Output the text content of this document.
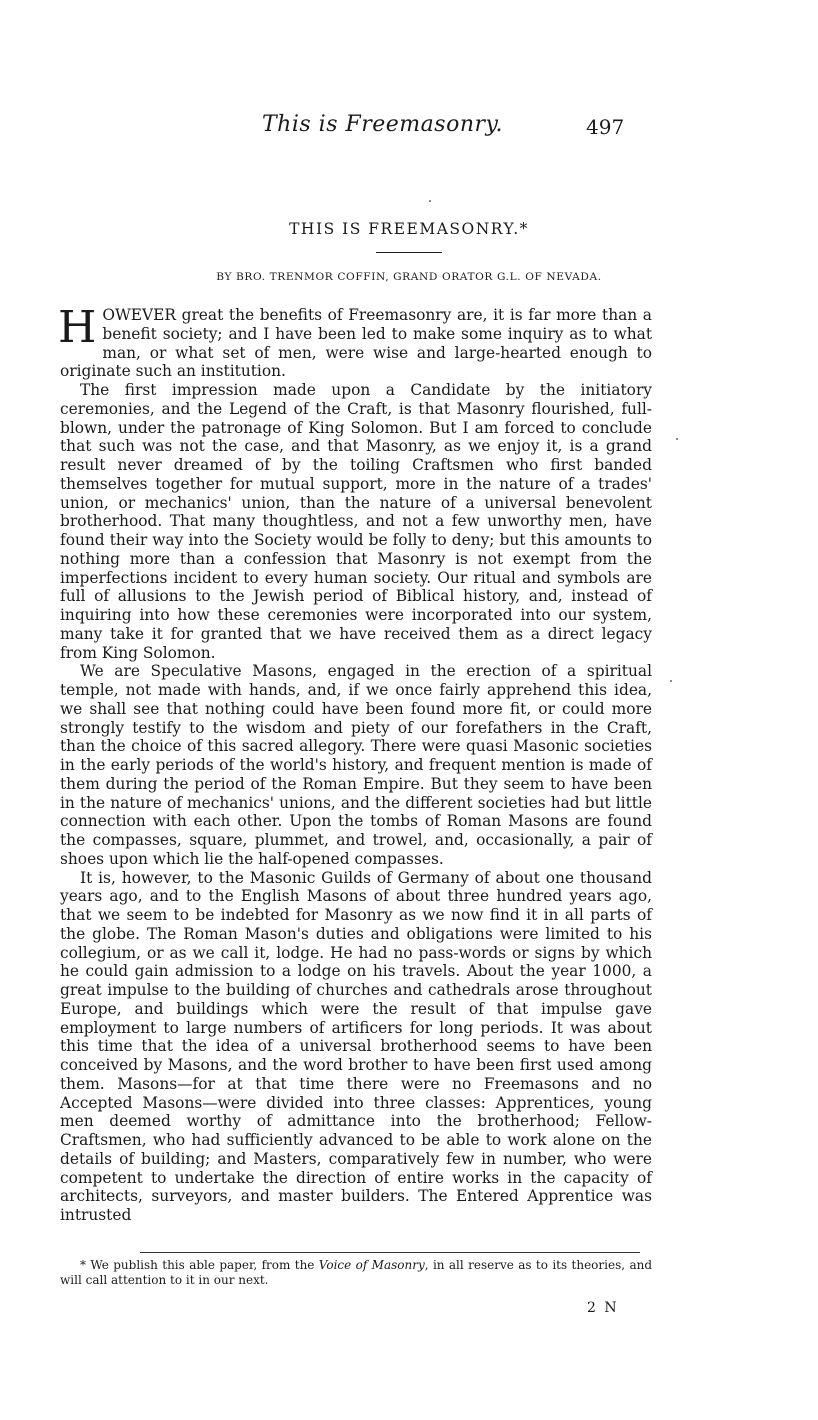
This is Freemasonry.	497
THIS IS FREEMASONRY.*
BY BRO. TRENMOR COFFIN, GRAND ORATOR G.L. OF NEVADA.

HOWEVER great the benefits of Freemasonry are, it is far more than a benefit society; and I have been led to make some inquiry as to what man, or what set of men, were wise and large-hearted enough to originate such an institution.

The first impression made upon a Candidate by the initiatory ceremonies, and the Legend of the Craft, is that Masonry flourished, full-blown, under the patronage of King Solomon. But I am forced to conclude that such was not the case, and that Masonry, as we enjoy it, is a grand result never dreamed of by the toiling Craftsmen who first banded themselves together for mutual support, more in the nature of a trades' union, or mechanics' union, than the nature of a universal benevolent brotherhood. That many thoughtless, and not a few unworthy men, have found their way into the Society would be folly to deny; but this amounts to nothing more than a confession that Masonry is not exempt from the imperfections incident to every human society. Our ritual and symbols are full of allusions to the Jewish period of Biblical history, and, instead of inquiring into how these ceremonies were incorporated into our system, many take it for granted that we have received them as a direct legacy from King Solomon.

We are Speculative Masons, engaged in the erection of a spiritual temple, not made with hands, and, if we once fairly apprehend this idea, we shall see that nothing could have been found more fit, or could more strongly testify to the wisdom and piety of our forefathers in the Craft, than the choice of this sacred allegory. There were quasi Masonic societies in the early periods of the world's history, and frequent mention is made of them during the period of the Roman Empire. But they seem to have been in the nature of mechanics' unions, and the different societies had but little connection with each other. Upon the tombs of Roman Masons are found the compasses, square, plummet, and trowel, and, occasionally, a pair of shoes upon which lie the half-opened compasses.

It is, however, to the Masonic Guilds of Germany of about one thousand years ago, and to the English Masons of about three hundred years ago, that we seem to be indebted for Masonry as we now find it in all parts of the globe. The Roman Mason's duties and obligations were limited to his collegium, or as we call it, lodge. He had no pass-words or signs by which he could gain admission to a lodge on his travels. About the year 1000, a great impulse to the building of churches and cathedrals arose throughout Europe, and buildings which were the result of that impulse gave employment to large numbers of artificers for long periods. It was about this time that the idea of a universal brotherhood seems to have been conceived by Masons, and the word brother to have been first used among them. Masons—for at that time there were no Freemasons and no Accepted Masons—were divided into three classes: Apprentices, young men deemed worthy of admittance into the brotherhood; Fellow-Craftsmen, who had sufficiently advanced to be able to work alone on the details of building; and Masters, comparatively few in number, who were competent to undertake the direction of entire works in the capacity of architects, surveyors, and master builders. The Entered Apprentice was intrusted

* We publish this able paper, from the Voice of Masonry, in all reserve as to its theories, and will call attention to it in our next.
2 N
